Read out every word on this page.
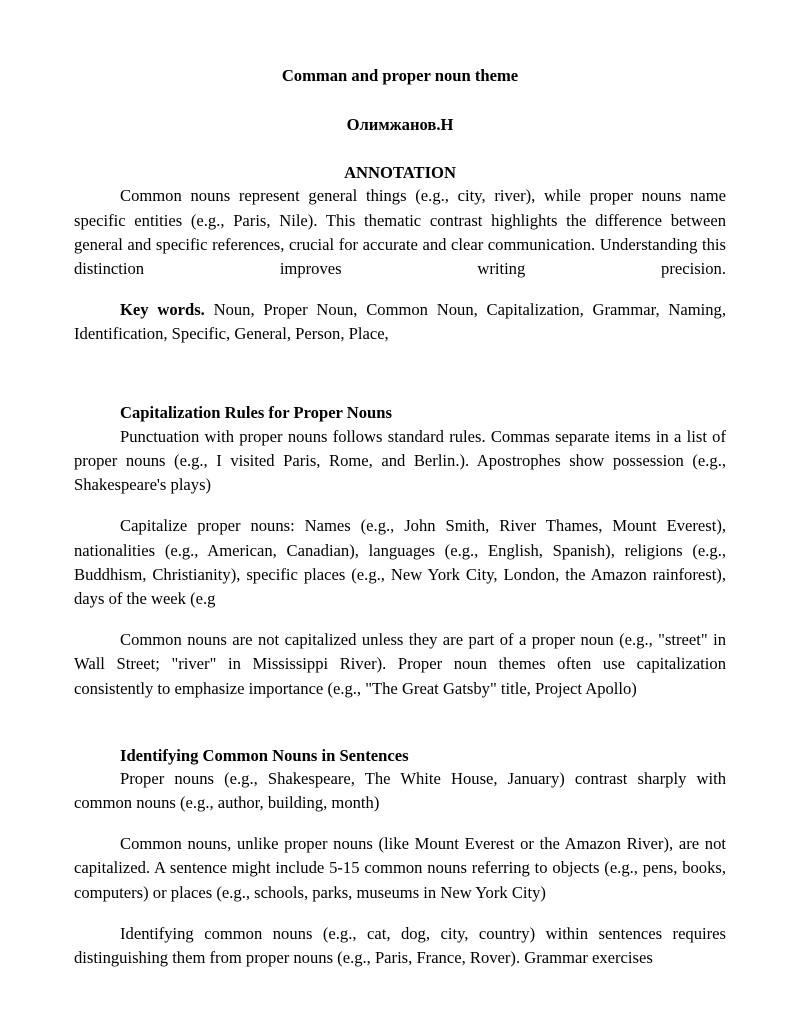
Comman and proper noun theme
Олимжанов.Н
ANNOTATION

Common nouns represent general things (e.g., city, river), while proper nouns name specific entities (e.g., Paris, Nile). This thematic contrast highlights the difference between general and specific references, crucial for accurate and clear communication. Understanding this distinction improves writing precision.

Key words. Noun, Proper Noun, Common Noun, Capitalization, Grammar, Naming, Identification, Specific, General, Person, Place,

Capitalization Rules for Proper Nouns

Punctuation with proper nouns follows standard rules. Commas separate items in a list of proper nouns (e.g., I visited Paris, Rome, and Berlin.). Apostrophes show possession (e.g., Shakespeare's plays)

Capitalize proper nouns: Names (e.g., John Smith, River Thames, Mount Everest), nationalities (e.g., American, Canadian), languages (e.g., English, Spanish), religions (e.g., Buddhism, Christianity), specific places (e.g., New York City, London, the Amazon rainforest), days of the week (e.g

Common nouns are not capitalized unless they are part of a proper noun (e.g., "street" in Wall Street; "river" in Mississippi River). Proper noun themes often use capitalization consistently to emphasize importance (e.g., "The Great Gatsby" title, Project Apollo)

Identifying Common Nouns in Sentences

Proper nouns (e.g., Shakespeare, The White House, January) contrast sharply with common nouns (e.g., author, building, month)

Common nouns, unlike proper nouns (like Mount Everest or the Amazon River), are not capitalized. A sentence might include 5-15 common nouns referring to objects (e.g., pens, books, computers) or places (e.g., schools, parks, museums in New York City)

Identifying common nouns (e.g., cat, dog, city, country) within sentences requires distinguishing them from proper nouns (e.g., Paris, France, Rover). Grammar exercises
